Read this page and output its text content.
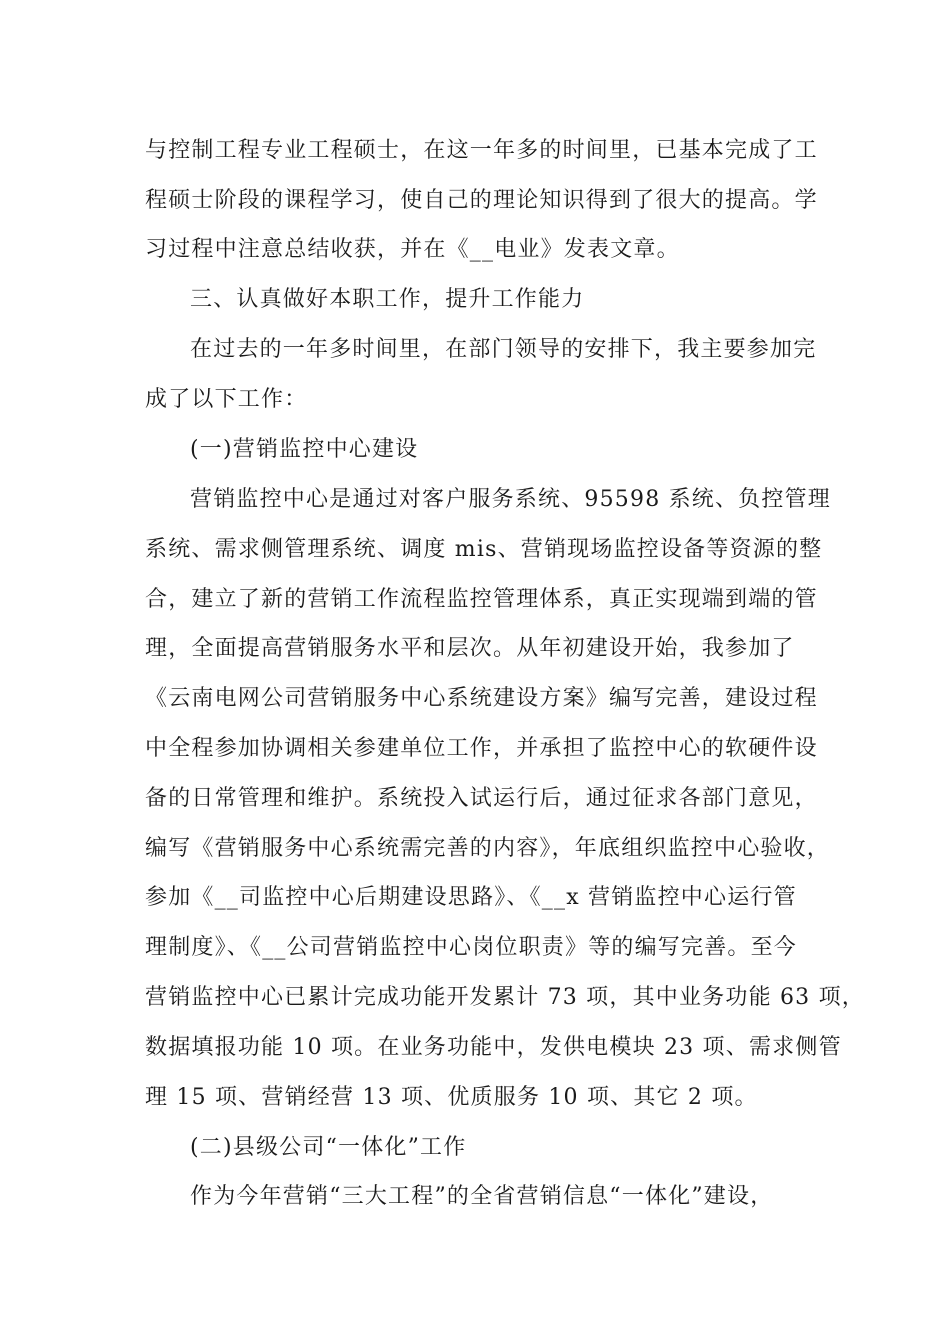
与控制工程专业工程硕士，在这一年多的时间里，已基本完成了工
程硕士阶段的课程学习，使自己的理论知识得到了很大的提高。学
习过程中注意总结收获，并在《__电业》发表文章。
三、认真做好本职工作，提升工作能力
在过去的一年多时间里，在部门领导的安排下，我主要参加完
成了以下工作：
(一)营销监控中心建设
营销监控中心是通过对客户服务系统、95598 系统、负控管理
系统、需求侧管理系统、调度 mis、营销现场监控设备等资源的整
合，建立了新的营销工作流程监控管理体系，真正实现端到端的管
理，全面提高营销服务水平和层次。从年初建设开始，我参加了
《云南电网公司营销服务中心系统建设方案》编写完善，建设过程
中全程参加协调相关参建单位工作，并承担了监控中心的软硬件设
备的日常管理和维护。系统投入试运行后，通过征求各部门意见，
编写《营销服务中心系统需完善的内容》，年底组织监控中心验收，
参加《__司监控中心后期建设思路》、《__x 营销监控中心运行管
理制度》、《__公司营销监控中心岗位职责》等的编写完善。至今
营销监控中心已累计完成功能开发累计 73 项，其中业务功能 63 项，
数据填报功能 10 项。在业务功能中，发供电模块 23 项、需求侧管
理 15 项、营销经营 13 项、优质服务 10 项、其它 2 项。
(二)县级公司“一体化”工作
作为今年营销“三大工程”的全省营销信息“一体化”建设，
